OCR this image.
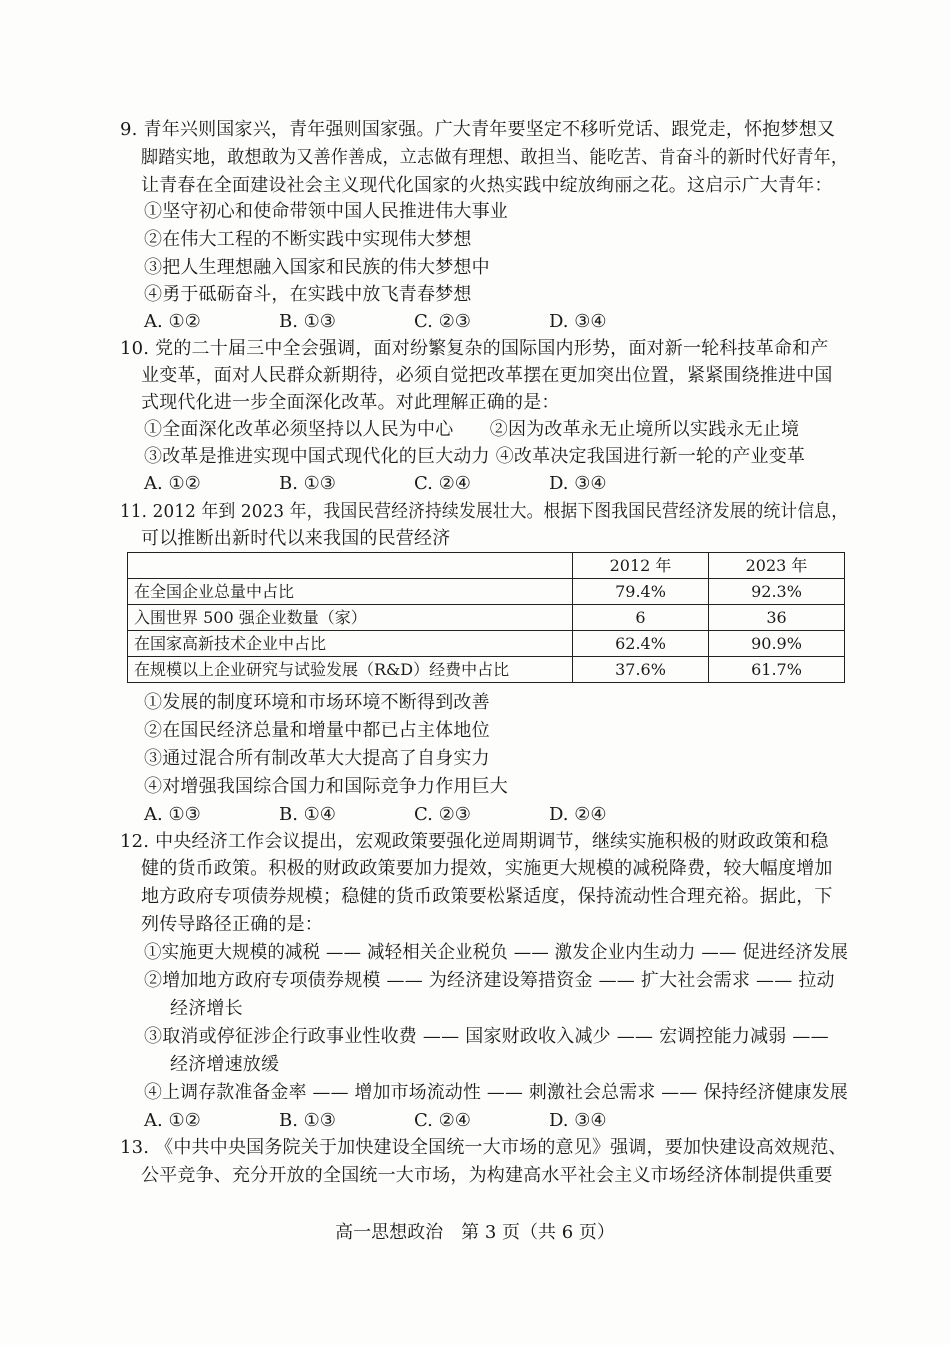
9. 青年兴则国家兴，青年强则国家强。广大青年要坚定不移听党话、跟党走，怀抱梦想又
脚踏实地，敢想敢为又善作善成，立志做有理想、敢担当、能吃苦、肯奋斗的新时代好青年，
让青春在全面建设社会主义现代化国家的火热实践中绽放绚丽之花。这启示广大青年：
①坚守初心和使命带领中国人民推进伟大事业
②在伟大工程的不断实践中实现伟大梦想
③把人生理想融入国家和民族的伟大梦想中
④勇于砥砺奋斗，在实践中放飞青春梦想
A. ①②	B. ①③	C. ②③	D. ③④
10. 党的二十届三中全会强调，面对纷繁复杂的国际国内形势，面对新一轮科技革命和产
业变革，面对人民群众新期待，必须自觉把改革摆在更加突出位置，紧紧围绕推进中国
式现代化进一步全面深化改革。对此理解正确的是：
①全面深化改革必须坚持以人民为中心　　②因为改革永无止境所以实践永无止境
③改革是推进实现中国式现代化的巨大动力 ④改革决定我国进行新一轮的产业变革
A. ①②	B. ①③	C. ②④	D. ③④
11. 2012 年到 2023 年，我国民营经济持续发展壮大。根据下图我国民营经济发展的统计信息，
可以推断出新时代以来我国的民营经济
	2012 年	2023 年
在全国企业总量中占比	79.4%	92.3%
入围世界 500 强企业数量（家）	6	36
在国家高新技术企业中占比	62.4%	90.9%
在规模以上企业研究与试验发展（R&D）经费中占比	37.6%	61.7%
①发展的制度环境和市场环境不断得到改善
②在国民经济总量和增量中都已占主体地位
③通过混合所有制改革大大提高了自身实力
④对增强我国综合国力和国际竞争力作用巨大
A. ①③	B. ①④	C. ②③	D. ②④
12. 中央经济工作会议提出，宏观政策要强化逆周期调节，继续实施积极的财政政策和稳
健的货币政策。积极的财政政策要加力提效，实施更大规模的减税降费，较大幅度增加
地方政府专项债券规模；稳健的货币政策要松紧适度，保持流动性合理充裕。据此，下
列传导路径正确的是：
①实施更大规模的减税 —— 减轻相关企业税负 —— 激发企业内生动力 —— 促进经济发展
②增加地方政府专项债券规模 —— 为经济建设筹措资金 —— 扩大社会需求 —— 拉动
经济增长
③取消或停征涉企行政事业性收费 —— 国家财政收入减少 —— 宏调控能力减弱 ——
经济增速放缓
④上调存款准备金率 —— 增加市场流动性 —— 刺激社会总需求 —— 保持经济健康发展
A. ①②	B. ①③	C. ②④	D. ③④
13. 《中共中央国务院关于加快建设全国统一大市场的意见》强调，要加快建设高效规范、
公平竞争、充分开放的全国统一大市场，为构建高水平社会主义市场经济体制提供重要
高一思想政治　第 3 页（共 6 页）
